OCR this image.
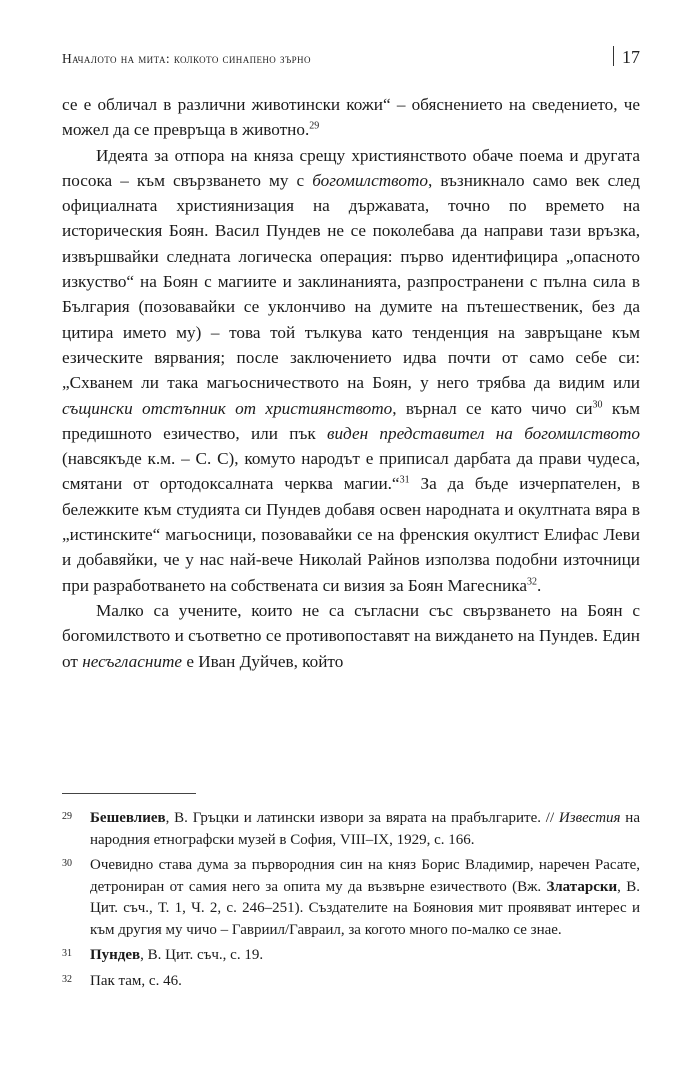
Началото на мита: колкото синапено зърно	17

се е обличал в различни животински кожи“ – обяснението на сведението, че можел да се превръща в животно.$^{29}$

Идеята за отпора на княза срещу християнството обаче поема и другата посока – към свързването му с богомилството, възникнало само век след официалната християнизация на държавата, точно по времето на историческия Боян. Васил Пундев не се поколебава да направи тази връзка, извършвайки следната логическа операция: първо идентифицира „опасното изкуство“ на Боян с магиите и заклинанията, разпространени с пълна сила в България (позовавайки се уклончиво на думите на пътешественик, без да цитира името му) – това той тълкува като тенденция на завръщане към езическите вярвания; после заключението идва почти от само себе си: „Схванем ли така магьосничеството на Боян, у него трябва да видим или същински отстъпник от християнството, върнал се като чичо $си^{30}$ към предишното езичество, или пък виден представител на богомилството (навсякъде к.м. – С. С), комуто народът е приписал дарбата да прави чудеса, смятани от ортодоксалната черква магии.“$^{31}$ За да бъде изчерпателен, в бележките към студията си Пундев добавя освен народната и окултната вяра в „истинските“ магьосници, позовавайки се на френския окултист Елифас Леви и добавяйки, че у нас най-вече Николай Райнов използва подобни източници при разработването на собствената си визия за Боян Магесника$^{32}$.

Малко са учените, които не са съгласни със свързването на Боян с богомилството и съответно се противопоставят на виждането на Пундев. Един от несъгласните е Иван Дуйчев, който

29	Бешевлиев, В. Гръцки и латински извори за вярата на прабългарите. // Известия на народния етнографски музей в София, VIII–IX, 1929, с. 166.
30	Очевидно става дума за първородния син на княз Борис Владимир, наречен Расате, детрониран от самия него за опита му да възвърне езичеството (Вж. Златарски, В. Цит. съч., Т. 1, Ч. 2, с. 246–251). Създателите на Бояновия мит проявяват интерес и към другия му чичо – Гавриил/Гавраил, за когото много по-малко се знае.
31	Пундев, В. Цит. съч., с. 19.
32	Пак там, с. 46.
